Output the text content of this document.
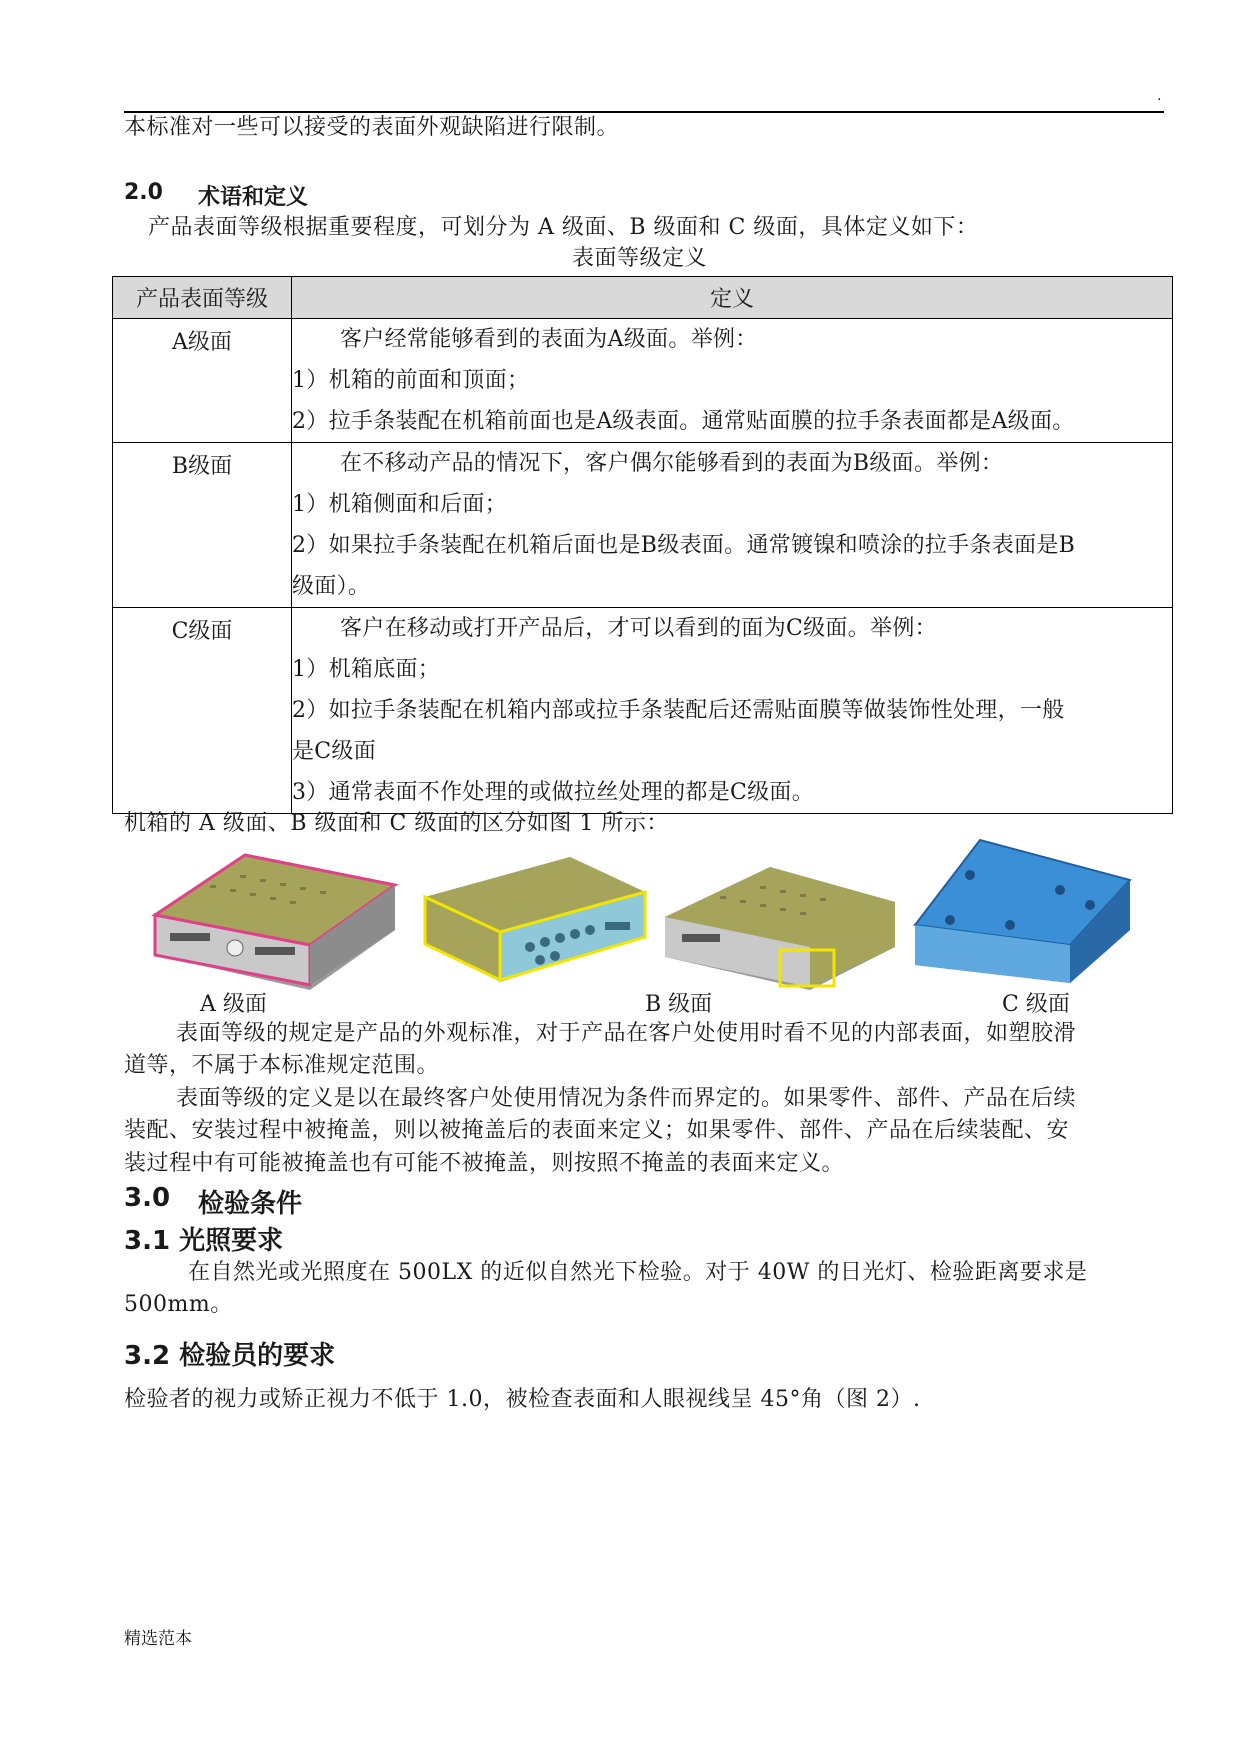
.
本标准对一些可以接受的表面外观缺陷进行限制。
2.0 术语和定义
产品表面等级根据重要程度，可划分为 A 级面、B 级面和 C 级面，具体定义如下：
表面等级定义
产品表面等级	定义

A级面	客户经常能够看到的表面为A级面。举例：
1）机箱的前面和顶面；
2）拉手条装配在机箱前面也是A级表面。通常贴面膜的拉手条表面都是A级面。

B级面	在不移动产品的情况下，客户偶尔能够看到的表面为B级面。举例：
1）机箱侧面和后面；
2）如果拉手条装配在机箱后面也是B级表面。通常镀镍和喷涂的拉手条表面是B
级面）。

C级面	客户在移动或打开产品后，才可以看到的面为C级面。举例：
1）机箱底面；
2）如拉手条装配在机箱内部或拉手条装配后还需贴面膜等做装饰性处理，一般
是C级面
3）通常表面不作处理的或做拉丝处理的都是C级面。
机箱的 A 级面、B 级面和 C 级面的区分如图 1 所示：
A 级面	B 级面	C 级面
表面等级的规定是产品的外观标准，对于产品在客户处使用时看不见的内部表面，如塑胶滑
道等，不属于本标准规定范围。
表面等级的定义是以在最终客户处使用情况为条件而界定的。如果零件、部件、产品在后续
装配、安装过程中被掩盖，则以被掩盖后的表面来定义；如果零件、部件、产品在后续装配、安
装过程中有可能被掩盖也有可能不被掩盖，则按照不掩盖的表面来定义。
3.0 检验条件
3.1 光照要求
在自然光或光照度在 500LX 的近似自然光下检验。对于 40W 的日光灯、检验距离要求是
500mm。
3.2 检验员的要求
检验者的视力或矫正视力不低于 1.0，被检查表面和人眼视线呈 45°角（图 2）.
精选范本
